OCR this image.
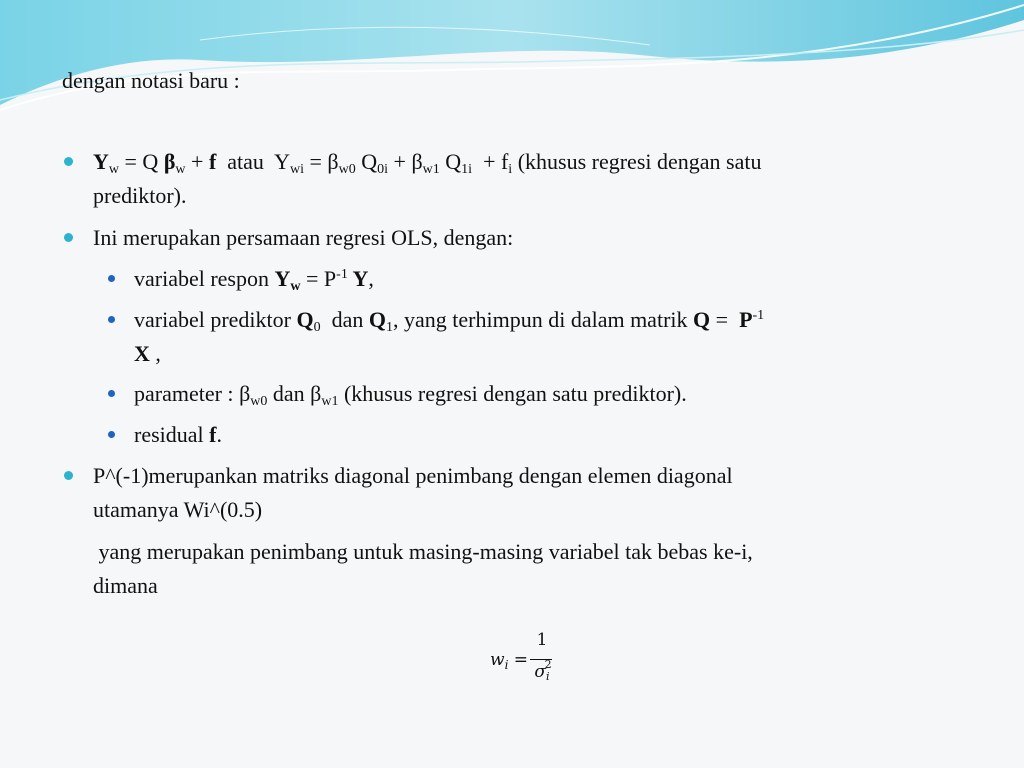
dengan notasi baru :
$Y_w = Q$ $\beta_w + f$  atau  $Y_{wi} = \beta_{w0}$ $Q_{0i} + \beta_{w1}$ $Q_{1i} + f_i$ (khusus regresi dengan satu
prediktor).
Ini merupakan persamaan regresi OLS, dengan:
variabel respon $Y_w = P^{-1}$ Y,
variabel prediktor $Q_0$  dan $Q_1$, yang terhimpun di dalam matrik $Q = P^{-1}$
X ,
parameter : $\beta_{w0}$ dan $\beta_{w1}$ (khusus regresi dengan satu prediktor).
residual f.
P^(-1)merupankan matriks diagonal penimbang dengan elemen diagonal
utamanya Wi^(0.5)
yang merupakan penimbang untuk masing-masing variabel tak bebas ke-i,
dimana
$w_i$ =
1
$\sigma_i^2$
